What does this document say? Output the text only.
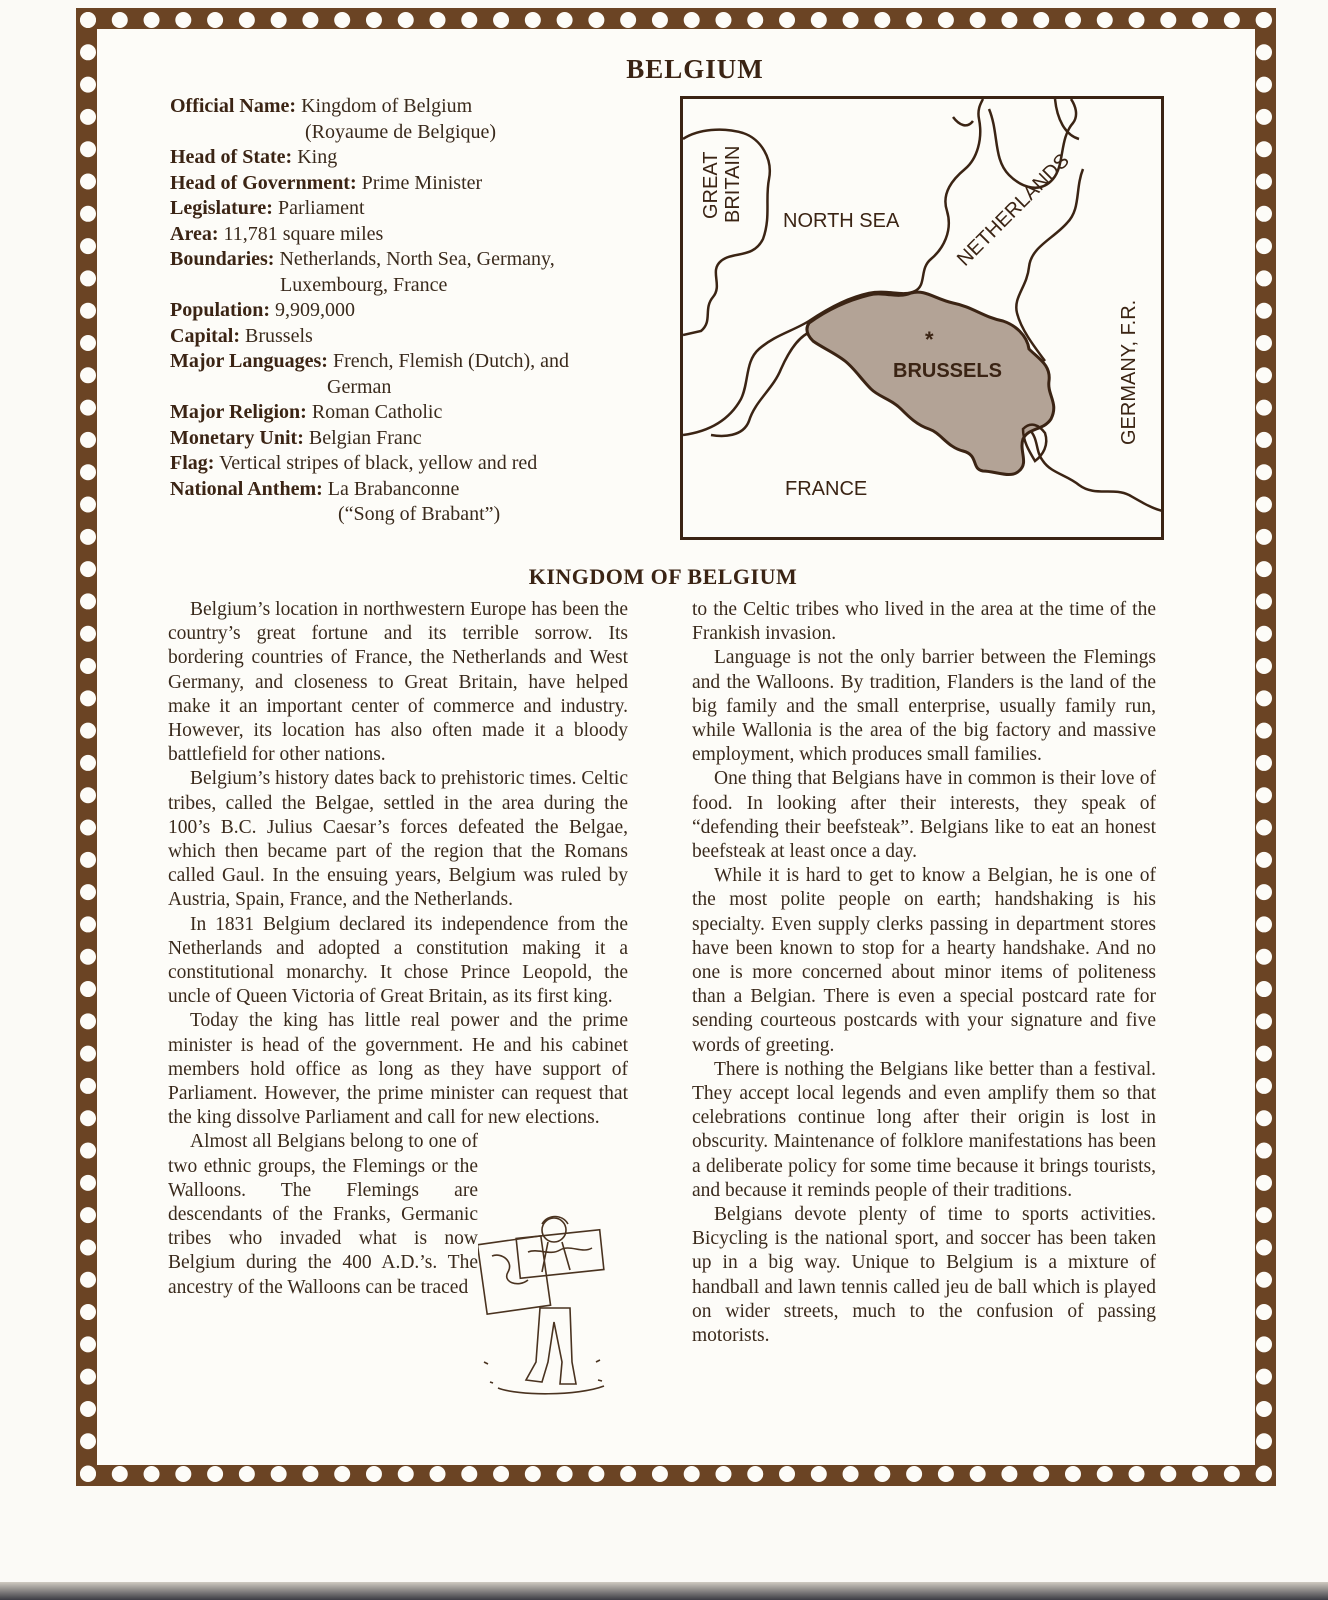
BELGIUM
Official Name: Kingdom of Belgium
(Royaume de Belgique)
Head of State: King
Head of Government: Prime Minister
Legislature: Parliament
Area: 11,781 square miles
Boundaries: Netherlands, North Sea, Germany,
Luxembourg, France
Population: 9,909,000
Capital: Brussels
Major Languages: French, Flemish (Dutch), and
German
Major Religion: Roman Catholic
Monetary Unit: Belgian Franc
Flag: Vertical stripes of black, yellow and red
National Anthem: La Brabanconne
(“Song of Brabant”)
GREAT BRITAIN NORTH SEA	NETHERLANDS
GERMANY, F.R.
*
BRUSSELS
FRANCE
KINGDOM OF BELGIUM

Belgium’s location in northwestern Europe has been the country’s great fortune and its terrible sorrow. Its bordering countries of France, the Netherlands and West Germany, and closeness to Great Britain, have helped make it an important center of commerce and industry. However, its location has also often made it a bloody battlefield for other nations.

Belgium’s history dates back to prehistoric times. Celtic tribes, called the Belgae, settled in the area during the 100’s B.C. Julius Caesar’s forces defeated the Belgae, which then became part of the region that the Romans called Gaul. In the ensuing years, Belgium was ruled by Austria, Spain, France, and the Netherlands.

In 1831 Belgium declared its independence from the Netherlands and adopted a constitution making it a constitutional monarchy. It chose Prince Leopold, the uncle of Queen Victoria of Great Britain, as its first king.

Today the king has little real power and the prime minister is head of the government. He and his cabinet members hold office as long as they have support of Parliament. However, the prime minister can request that the king dissolve Parliament and call for new elections.

Almost all Belgians belong to one of two ethnic groups, the Flemings or the Walloons. The Flemings are descendants of the Franks, Germanic tribes who invaded what is now Belgium during the 400 A.D.’s. The ancestry of the Walloons can be traced

to the Celtic tribes who lived in the area at the time of the Frankish invasion.

Language is not the only barrier between the Flemings and the Walloons. By tradition, Flanders is the land of the big family and the small enterprise, usually family run, while Wallonia is the area of the big factory and massive employment, which produces small families.

One thing that Belgians have in common is their love of food. In looking after their interests, they speak of “defending their beefsteak”. Belgians like to eat an honest beefsteak at least once a day.

While it is hard to get to know a Belgian, he is one of the most polite people on earth; handshaking is his specialty. Even supply clerks passing in department stores have been known to stop for a hearty handshake. And no one is more concerned about minor items of politeness than a Belgian. There is even a special postcard rate for sending courteous postcards with your signature and five words of greeting.

There is nothing the Belgians like better than a festival. They accept local legends and even amplify them so that celebrations continue long after their origin is lost in obscurity. Maintenance of folklore manifestations has been a deliberate policy for some time because it brings tourists, and because it reminds people of their traditions.

Belgians devote plenty of time to sports activities. Bicycling is the national sport, and soccer has been taken up in a big way. Unique to Belgium is a mixture of handball and lawn tennis called jeu de ball which is played on wider streets, much to the confusion of passing motorists.
